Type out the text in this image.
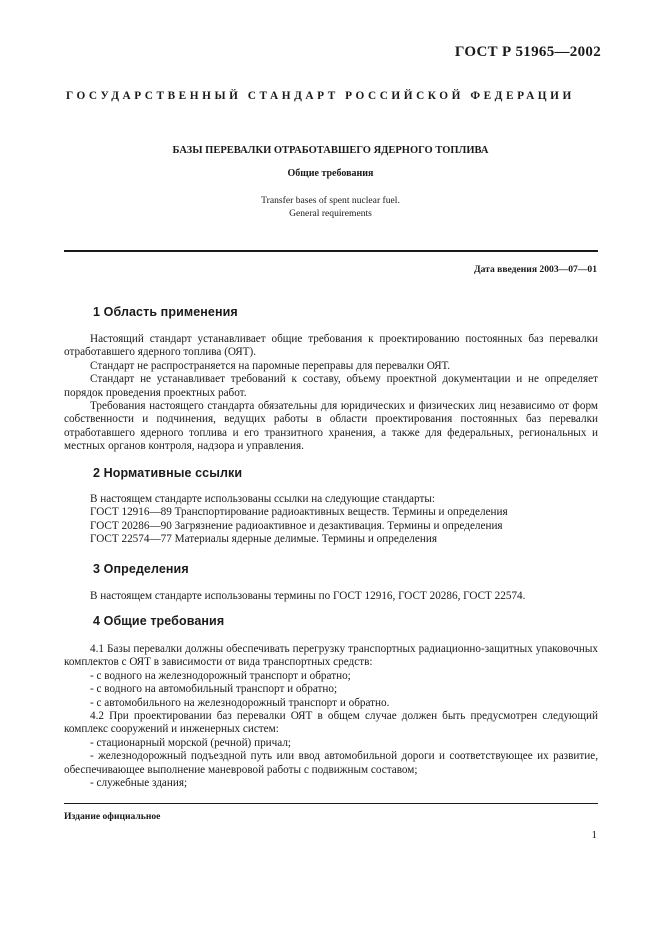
ГОСТ Р 51965—2002
ГОСУДАРСТВЕННЫЙ СТАНДАРТ РОССИЙСКОЙ ФЕДЕРАЦИИ
БАЗЫ ПЕРЕВАЛКИ ОТРАБОТАВШЕГО ЯДЕРНОГО ТОПЛИВА
Общие требования
Transfer bases of spent nuclear fuel.
General requirements
Дата введения 2003—07—01
1 Область применения

Настоящий стандарт устанавливает общие требования к проектированию постоянных баз перевалки отработавшего ядерного топлива (ОЯТ).

Стандарт не распространяется на паромные переправы для перевалки ОЯТ.

Стандарт не устанавливает требований к составу, объему проектной документации и не определяет порядок проведения проектных работ.

Требования настоящего стандарта обязательны для юридических и физических лиц независимо от форм собственности и подчинения, ведущих работы в области проектирования постоянных баз перевалки отработавшего ядерного топлива и его транзитного хранения, а также для федеральных, региональных и местных органов контроля, надзора и управления.

2 Нормативные ссылки

В настоящем стандарте использованы ссылки на следующие стандарты:

ГОСТ 12916—89 Транспортирование радиоактивных веществ. Термины и определения

ГОСТ 20286—90 Загрязнение радиоактивное и дезактивация. Термины и определения

ГОСТ 22574—77 Материалы ядерные делимые. Термины и определения

3 Определения

В настоящем стандарте использованы термины по ГОСТ 12916, ГОСТ 20286, ГОСТ 22574.

4 Общие требования

4.1 Базы перевалки должны обеспечивать перегрузку транспортных радиационно-защитных упаковочных комплектов с ОЯТ в зависимости от вида транспортных средств:

- с водного на железнодорожный транспорт и обратно;

- с водного на автомобильный транспорт и обратно;

- с автомобильного на железнодорожный транспорт и обратно.

4.2 При проектировании баз перевалки ОЯТ в общем случае должен быть предусмотрен следующий комплекс сооружений и инженерных систем:

- стационарный морской (речной) причал;

- железнодорожный подъездной путь или ввод автомобильной дороги и соответствующее их развитие, обеспечивающее выполнение маневровой работы с подвижным составом;

- служебные здания;

Издание официальное
1
